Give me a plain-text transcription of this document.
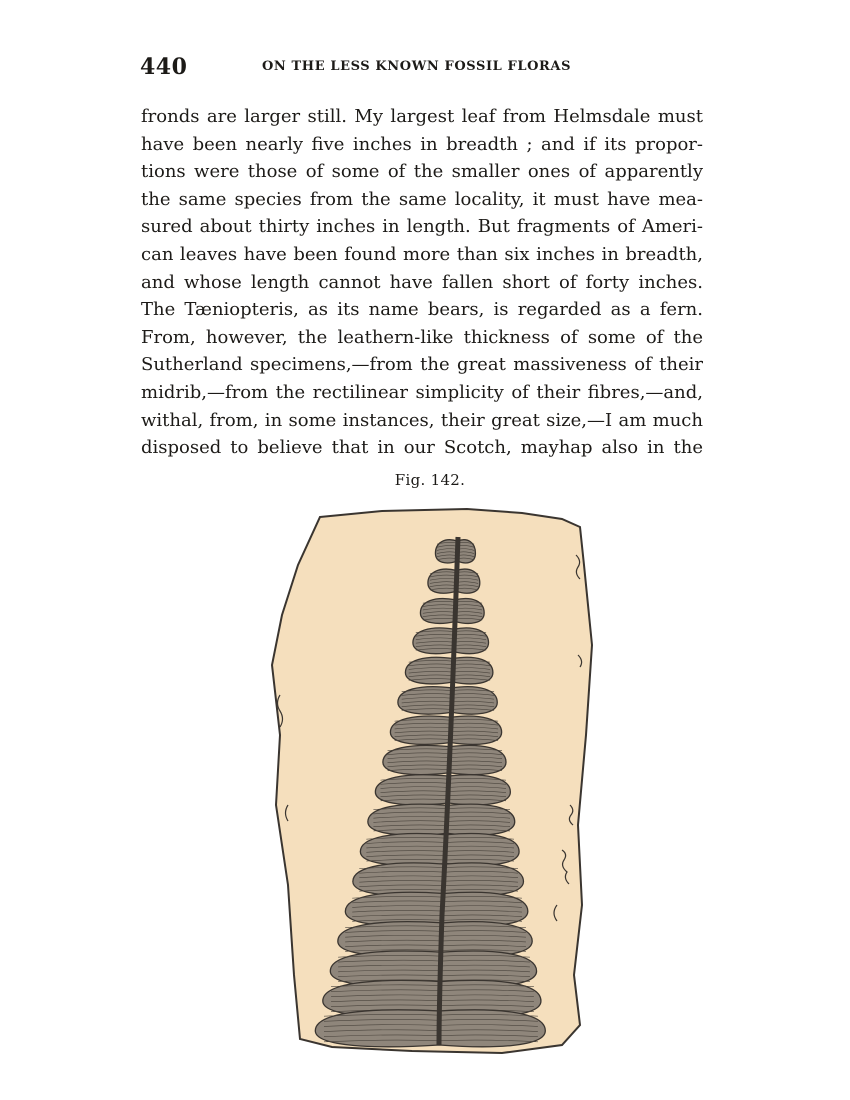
440	ON THE LESS KNOWN FOSSIL FLORAS
fronds are larger still. My largest leaf from Helmsdale must
have been nearly five inches in breadth ; and if its propor-
tions were those of some of the smaller ones of apparently
the same species from the same locality, it must have mea-
sured about thirty inches in length. But fragments of Ameri-
can leaves have been found more than six inches in breadth,
and whose length cannot have fallen short of forty inches.
The Tæniopteris, as its name bears, is regarded as a fern.
From, however, the leathern-like thickness of some of the
Sutherland specimens,—from the great massiveness of their
midrib,—from the rectilinear simplicity of their fibres,—and,
withal, from, in some instances, their great size,—I am much
disposed to believe that in our Scotch, mayhap also in the
Fig. 142.
